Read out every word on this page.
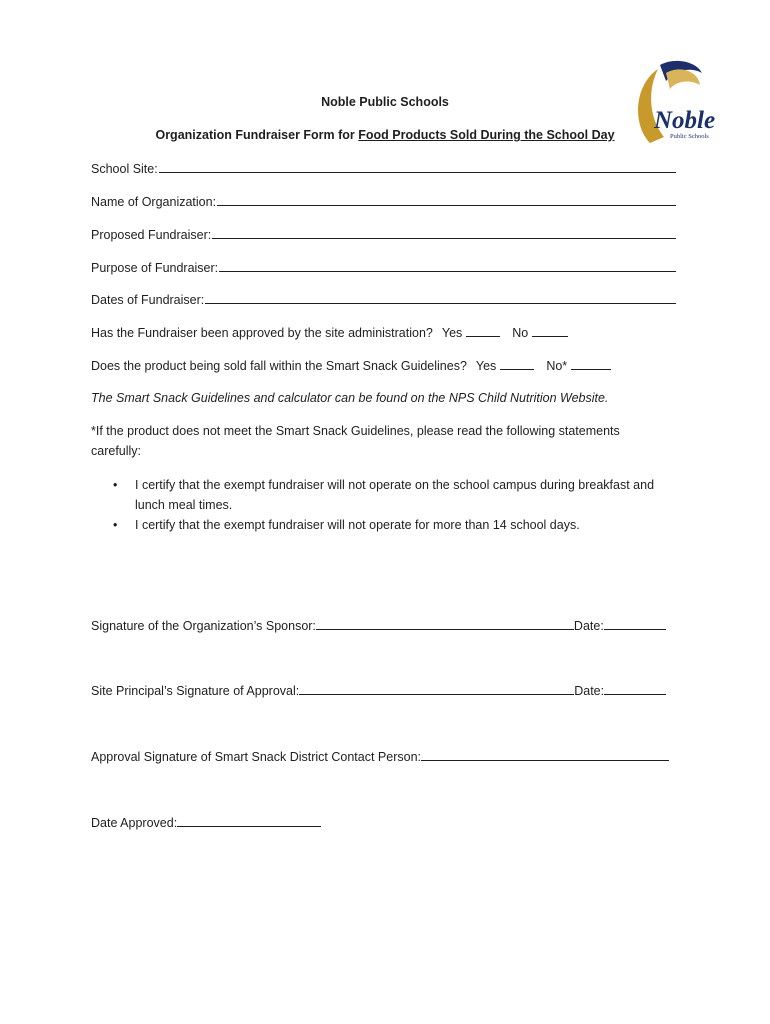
Noble
Public Schools
Noble Public Schools
Organization Fundraiser Form for Food Products Sold During the School Day
School Site:
Name of Organization:
Proposed Fundraiser:
Purpose of Fundraiser:
Dates of Fundraiser:
Has the Fundraiser been approved by the site administration? Yes	No
Does the product being sold fall within the Smart Snack Guidelines? Yes	No*
The Smart Snack Guidelines and calculator can be found on the NPS Child Nutrition Website.
*If the product does not meet the Smart Snack Guidelines, please read the following statements carefully:
•	I certify that the exempt fundraiser will not operate on the school campus during breakfast and lunch meal times.
•	I certify that the exempt fundraiser will not operate for more than 14 school days.
Signature of the Organization’s Sponsor:	Date:
Site Principal’s Signature of Approval:	Date:
Approval Signature of Smart Snack District Contact Person:
Date Approved:
